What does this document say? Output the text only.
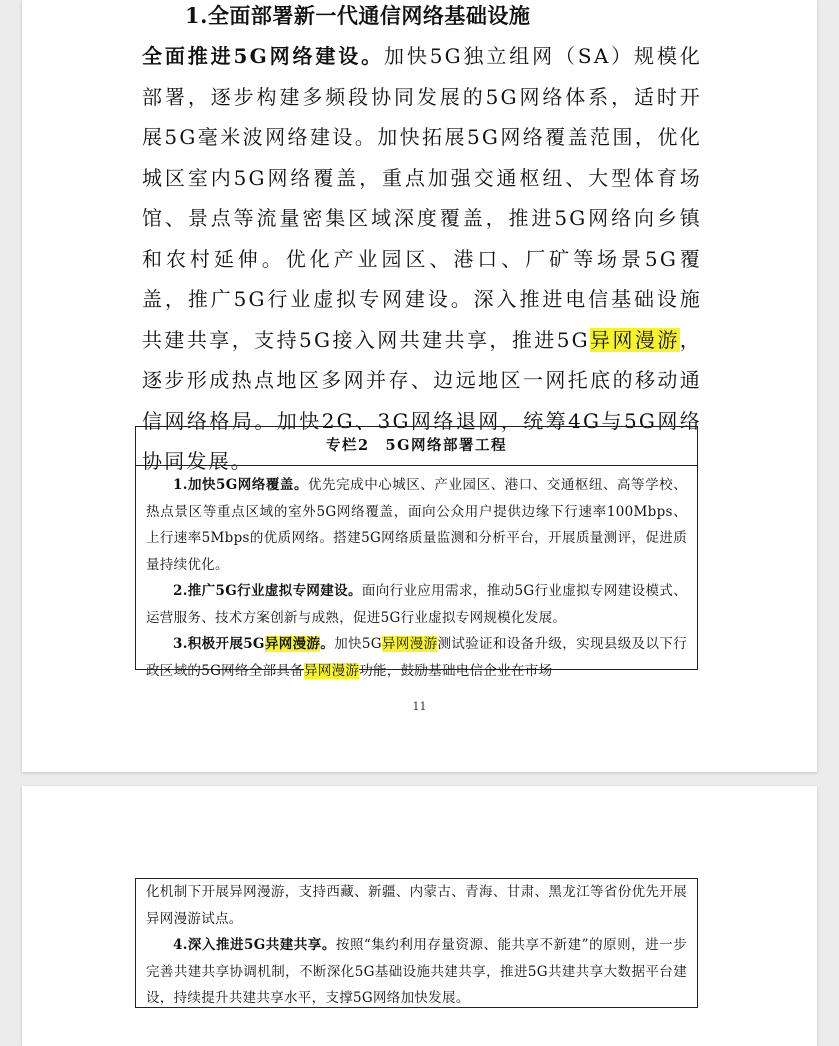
1.全面部署新一代通信网络基础设施

全面推进5G网络建设。加快5G独立组网（SA）规模化部署，逐步构建多频段协同发展的5G网络体系，适时开展5G毫米波网络建设。加快拓展5G网络覆盖范围，优化城区室内5G网络覆盖，重点加强交通枢纽、大型体育场馆、景点等流量密集区域深度覆盖，推进5G网络向乡镇和农村延伸。优化产业园区、港口、厂矿等场景5G覆盖，推广5G行业虚拟专网建设。深入推进电信基础设施共建共享，支持5G接入网共建共享，推进5G异网漫游，逐步形成热点地区多网并存、边远地区一网托底的移动通信网络格局。加快2G、3G网络退网，统筹4G与5G网络协同发展。

专栏2　5G网络部署工程

1.加快5G网络覆盖。优先完成中心城区、产业园区、港口、交通枢纽、高等学校、热点景区等重点区域的室外5G网络覆盖，面向公众用户提供边缘下行速率100Mbps、上行速率5Mbps的优质网络。搭建5G网络质量监测和分析平台，开展质量测评，促进质量持续优化。

2.推广5G行业虚拟专网建设。面向行业应用需求，推动5G行业虚拟专网建设模式、运营服务、技术方案创新与成熟，促进5G行业虚拟专网规模化发展。

3.积极开展5G异网漫游。加快5G异网漫游测试验证和设备升级，实现县级及以下行政区域的5G网络全部具备异网漫游功能，鼓励基础电信企业在市场

11

化机制下开展异网漫游，支持西藏、新疆、内蒙古、青海、甘肃、黑龙江等省份优先开展异网漫游试点。

4.深入推进5G共建共享。按照“集约利用存量资源、能共享不新建”的原则，进一步完善共建共享协调机制，不断深化5G基础设施共建共享，推进5G共建共享大数据平台建设，持续提升共建共享水平，支撑5G网络加快发展。
